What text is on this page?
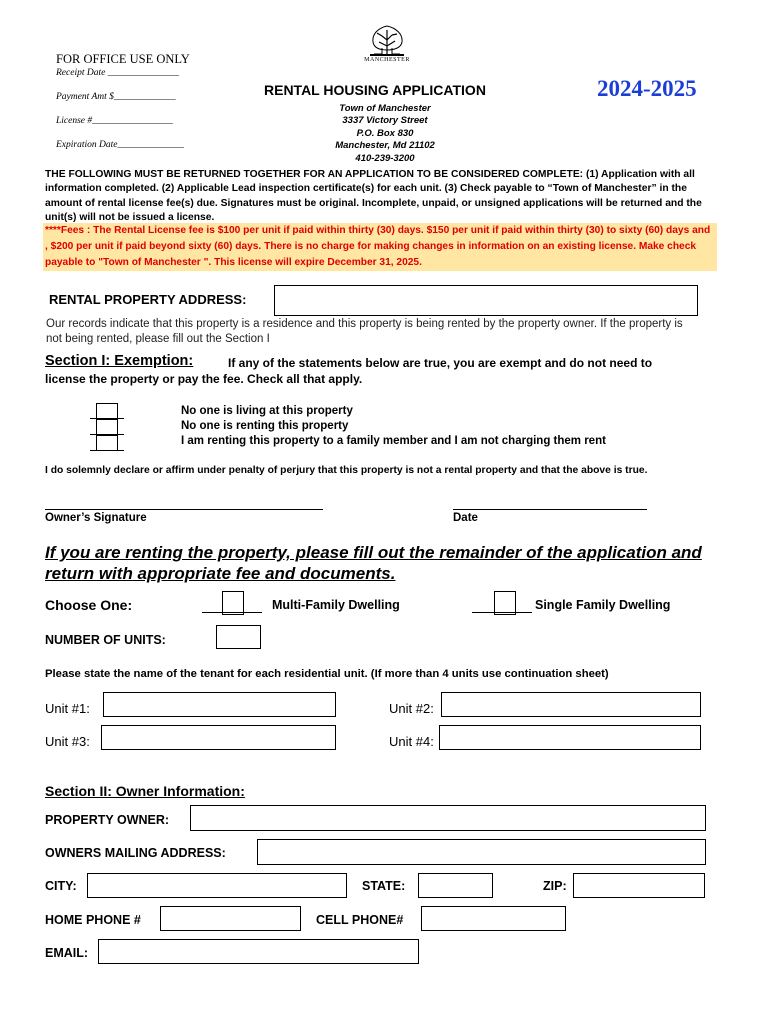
FOR OFFICE USE ONLY
Receipt Date _______________
Payment Amt $_____________
License #_________________
Expiration Date______________
MANCHESTER
RENTAL HOUSING APPLICATION	2024-2025
Town of Manchester
3337 Victory Street
P.O. Box 830
Manchester, Md 21102
410-239-3200
THE FOLLOWING MUST BE RETURNED TOGETHER FOR AN APPLICATION TO BE CONSIDERED COMPLETE: (1) Application with all information completed. (2) Applicable Lead inspection certificate(s) for each unit. (3) Check payable to “Town of Manchester” in the amount of rental license fee(s) due. Signatures must be original. Incomplete, unpaid, or unsigned applications will be returned and the unit(s) will not be issued a license.
****Fees : The Rental License fee is $100 per unit if paid within thirty (30) days. $150 per unit if paid within thirty (30) to sixty (60) days and , $200 per unit if paid beyond sixty (60) days. There is no charge for making changes in information on an existing license. Make check payable to "Town of Manchester ". This license will expire December 31, 2025.
RENTAL PROPERTY ADDRESS:
Our records indicate that this property is a residence and this property is being rented by the property owner. If the property is not being rented, please fill out the Section I
Section I: Exemption:	If any of the statements below are true, you are exempt and do not need to
license the property or pay the fee. Check all that apply.
No one is living at this property
No one is renting this property
I am renting this property to a family member and I am not charging them rent
I do solemnly declare or affirm under penalty of perjury that this property is not a rental property and that the above is true.
Owner’s Signature	Date
If you are renting the property, please fill out the remainder of the application and return with appropriate fee and documents.
Choose One:	Multi-Family Dwelling	Single Family Dwelling
NUMBER OF UNITS:
Please state the name of the tenant for each residential unit. (If more than 4 units use continuation sheet)
Unit #1:	Unit #2:
Unit #3:	Unit #4:
Section II: Owner Information:
PROPERTY OWNER:
OWNERS MAILING ADDRESS:
CITY:	STATE:	ZIP:
HOME PHONE #	CELL PHONE#
EMAIL:
